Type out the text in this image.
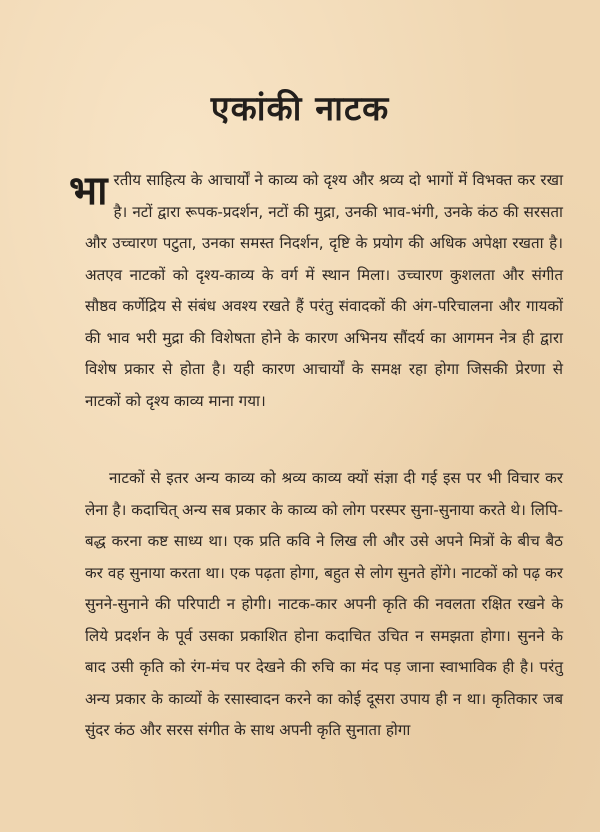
एकांकी नाटक
भारतीय साहित्य के आचार्यों ने काव्य को दृश्य और श्रव्य दो भागों में विभक्त कर रखा है। नटों द्वारा रूपक-प्रदर्शन, नटों की मुद्रा, उनकी भाव-भंगी, उनके कंठ की सरसता और उच्चारण पटुता, उनका समस्त निदर्शन, दृष्टि के प्रयोग की अधिक अपेक्षा रखता है। अतएव नाटकों को दृश्य-काव्य के वर्ग में स्थान मिला। उच्चारण कुशलता और संगीत सौष्ठव कर्णेद्रिय से संबंध अवश्य रखते हैं परंतु संवादकों की अंग-परिचालना और गायकों की भाव भरी मुद्रा की विशेषता होने के कारण अभिनय सौंदर्य का आगमन नेत्र ही द्वारा विशेष प्रकार से होता है। यही कारण आचार्यों के समक्ष रहा होगा जिसकी प्रेरणा से नाटकों को दृश्य काव्य माना गया।
नाटकों से इतर अन्य काव्य को श्रव्य काव्य क्यों संज्ञा दी गई इस पर भी विचार कर लेना है। कदाचित् अन्य सब प्रकार के काव्य को लोग परस्पर सुना-सुनाया करते थे। लिपि-बद्ध करना कष्ट साध्य था। एक प्रति कवि ने लिख ली और उसे अपने मित्रों के बीच बैठ कर वह सुनाया करता था। एक पढ़ता होगा, बहुत से लोग सुनते होंगे। नाटकों को पढ़ कर सुनने-सुनाने की परिपाटी न होगी। नाटक-कार अपनी कृति की नवलता रक्षित रखने के लिये प्रदर्शन के पूर्व उसका प्रकाशित होना कदाचित उचित न समझता होगा। सुनने के बाद उसी कृति को रंग-मंच पर देखने की रुचि का मंद पड़ जाना स्वाभाविक ही है। परंतु अन्य प्रकार के काव्यों के रसास्वादन करने का कोई दूसरा उपाय ही न था। कृतिकार जब सुंदर कंठ और सरस संगीत के साथ अपनी कृति सुनाता होगा
